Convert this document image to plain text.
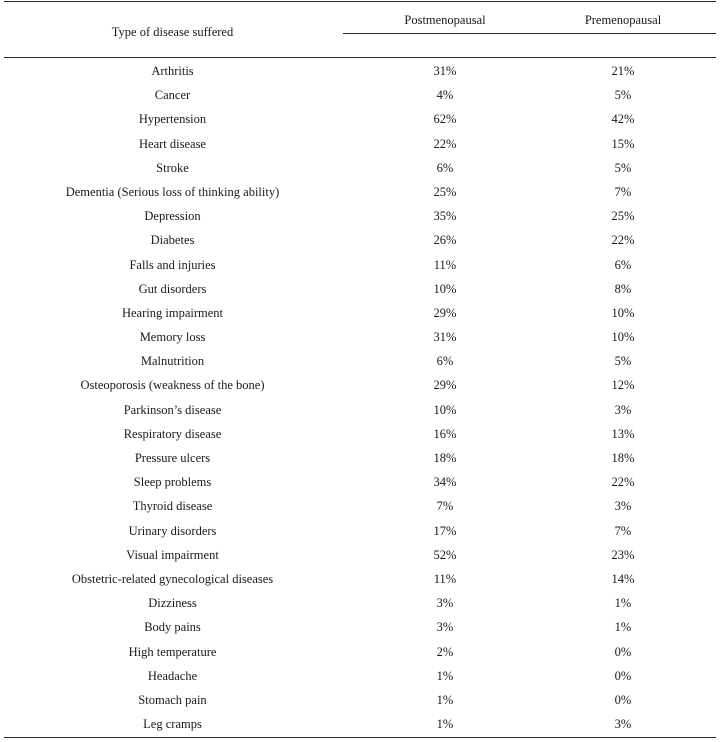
Type of disease suffered
Postmenopausal	Premenopausal
Arthritis	31%	21%
Cancer	4%	5%
Hypertension	62%	42%
Heart disease	22%	15%
Stroke	6%	5%
Dementia (Serious loss of thinking ability)	25%	7%
Depression	35%	25%
Diabetes	26%	22%
Falls and injuries	11%	6%
Gut disorders	10%	8%
Hearing impairment	29%	10%
Memory loss	31%	10%
Malnutrition	6%	5%
Osteoporosis (weakness of the bone)	29%	12%
Parkinson’s disease	10%	3%
Respiratory disease	16%	13%
Pressure ulcers	18%	18%
Sleep problems	34%	22%
Thyroid disease	7%	3%
Urinary disorders	17%	7%
Visual impairment	52%	23%
Obstetric-related gynecological diseases	11%	14%
Dizziness	3%	1%
Body pains	3%	1%
High temperature	2%	0%
Headache	1%	0%
Stomach pain	1%	0%
Leg cramps	1%	3%
